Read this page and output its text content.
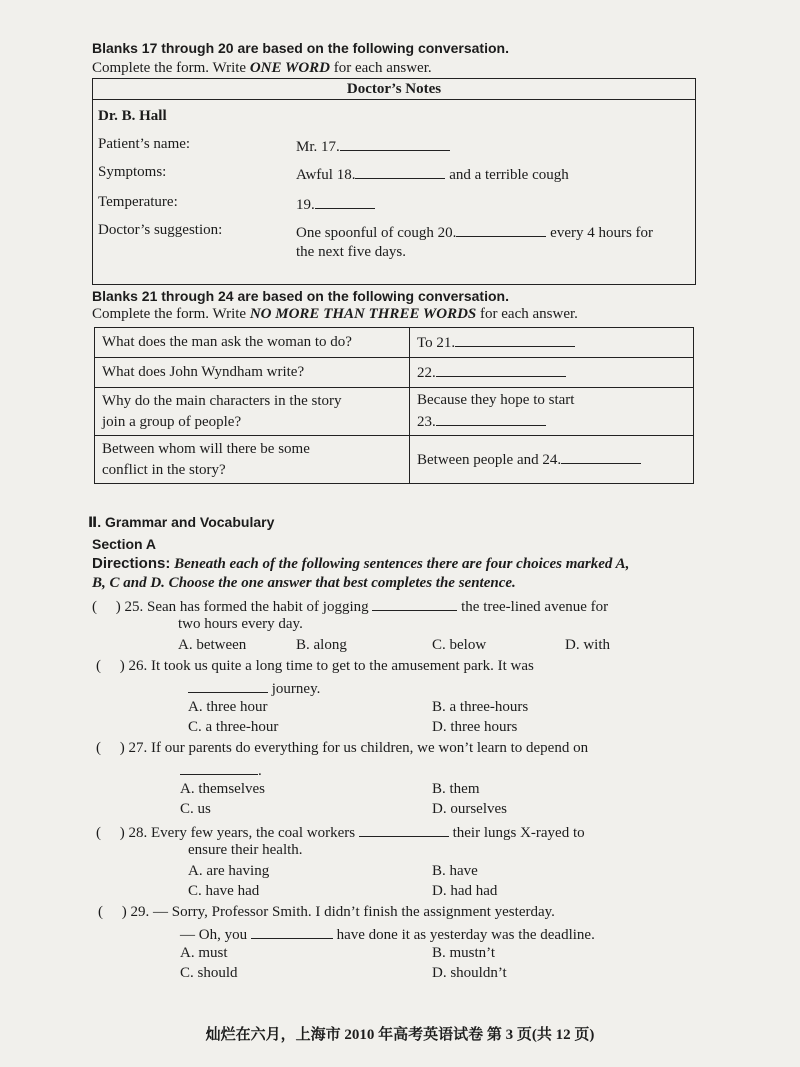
Blanks 17 through 20 are based on the following conversation.
Complete the form. Write ONE WORD for each answer.
Doctor’s Notes

Dr. B. Hall
Patient’s name:	Mr. 17.
Symptoms:	Awful 18.	and a terrible cough
Temperature:	19.
Doctor’s suggestion:	One spoonful of cough 20.	every 4 hours for
the next five days.
Blanks 21 through 24 are based on the following conversation.
Complete the form. Write NO MORE THAN THREE WORDS for each answer.
What does the man ask the woman to do?	To 21.
What does John Wyndham write?	22.
Why do the main characters in the story
join a group of people?	Because they hope to start
23.
Between whom will there be some
conflict in the story?	Between people and 24.
Ⅱ. Grammar and Vocabulary
Section A
Directions: Beneath each of the following sentences there are four choices marked A,
B, C and D. Choose the one answer that best completes the sentence.
(     ) 25. Sean has formed the habit of jogging	the tree-lined avenue for
two hours every day.
A. between	B. along	C. below	D. with
(     ) 26. It took us quite a long time to get to the amusement park. It was
journey.
A. three hour	B. a three-hours
C. a three-hour	D. three hours
(     ) 27. If our parents do everything for us children, we won’t learn to depend on
.
A. themselves	B. them
C. us	D. ourselves
(     ) 28. Every few years, the coal workers	their lungs X-rayed to
ensure their health.
A. are having	B. have
C. have had	D. had had
(     ) 29. — Sorry, Professor Smith. I didn’t finish the assignment yesterday.
— Oh, you	have done it as yesterday was the deadline.
A. must	B. mustn’t
C. should	D. shouldn’t
灿烂在六月，上海市 2010 年高考英语试卷 第 3 页(共 12 页)
